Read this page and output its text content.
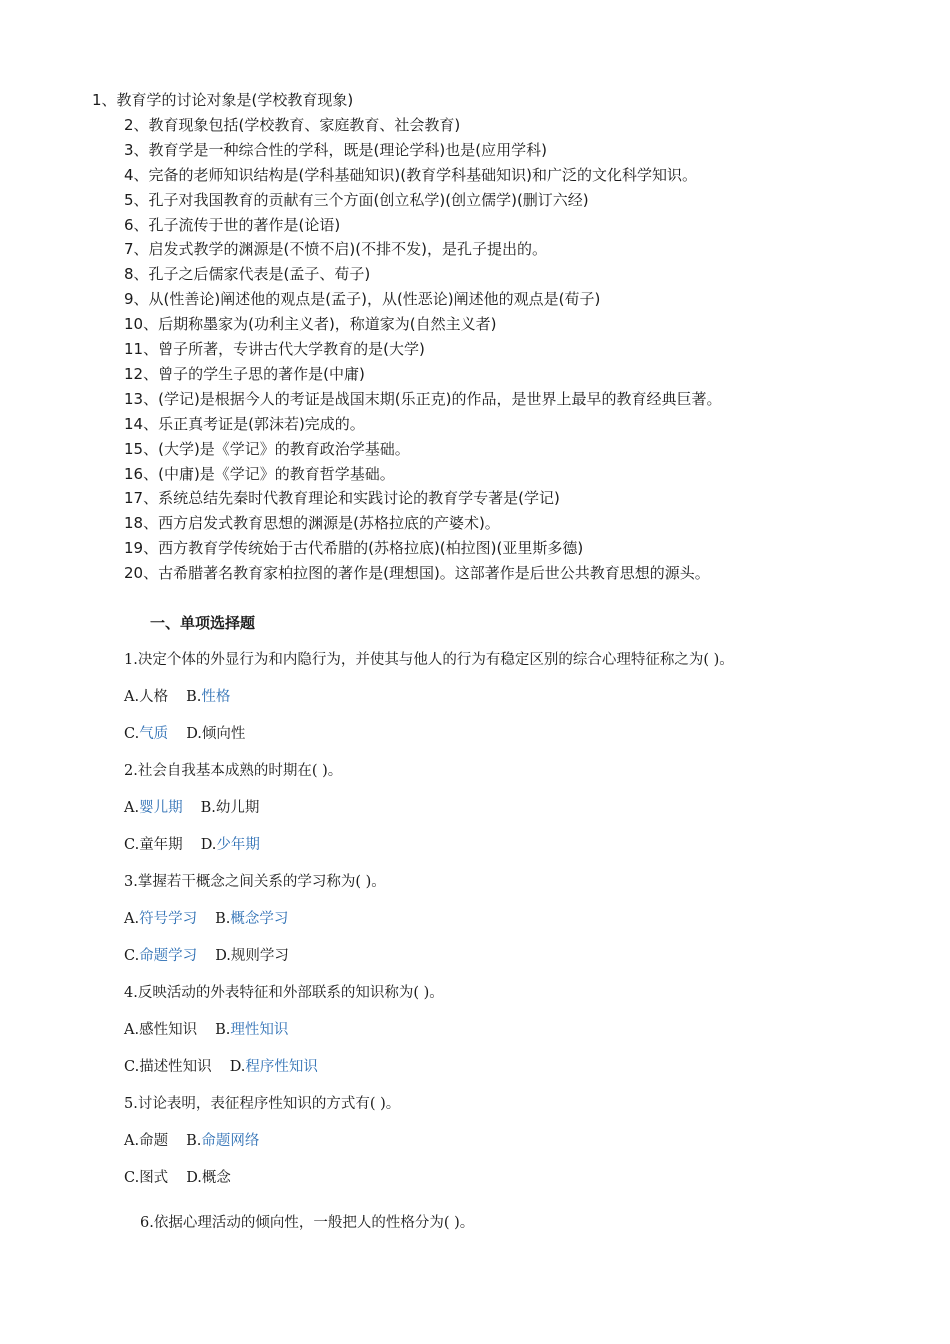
1、教育学的讨论对象是(学校教育现象)
2、教育现象包括(学校教育、家庭教育、社会教育)
3、教育学是一种综合性的学科，既是(理论学科)也是(应用学科)
4、完备的老师知识结构是(学科基础知识)(教育学科基础知识)和广泛的文化科学知识。
5、孔子对我国教育的贡献有三个方面(创立私学)(创立儒学)(删订六经)
6、孔子流传于世的著作是(论语)
7、启发式教学的渊源是(不愤不启)(不排不发)，是孔子提出的。
8、孔子之后儒家代表是(孟子、荀子)
9、从(性善论)阐述他的观点是(孟子)，从(性恶论)阐述他的观点是(荀子)
10、后期称墨家为(功利主义者)，称道家为(自然主义者)
11、曾子所著，专讲古代大学教育的是(大学)
12、曾子的学生子思的著作是(中庸)
13、(学记)是根据今人的考证是战国末期(乐正克)的作品，是世界上最早的教育经典巨著。
14、乐正真考证是(郭沫若)完成的。
15、(大学)是《学记》的教育政治学基础。
16、(中庸)是《学记》的教育哲学基础。
17、系统总结先秦时代教育理论和实践讨论的教育学专著是(学记)
18、西方启发式教育思想的渊源是(苏格拉底的产婆术)。
19、西方教育学传统始于古代希腊的(苏格拉底)(柏拉图)(亚里斯多德)
20、古希腊著名教育家柏拉图的著作是(理想国)。这部著作是后世公共教育思想的源头。
一、单项选择题
1.决定个体的外显行为和内隐行为，并使其与他人的行为有稳定区别的综合心理特征称之为( )。
A.人格 B.性格
C.气质 D.倾向性
2.社会自我基本成熟的时期在( )。
A.婴儿期 B.幼儿期
C.童年期 D.少年期
3.掌握若干概念之间关系的学习称为( )。
A.符号学习 B.概念学习
C.命题学习 D.规则学习
4.反映活动的外表特征和外部联系的知识称为( )。
A.感性知识 B.理性知识
C.描述性知识 D.程序性知识
5.讨论表明，表征程序性知识的方式有( )。
A.命题 B.命题网络
C.图式 D.概念
6.依据心理活动的倾向性，一般把人的性格分为( )。
